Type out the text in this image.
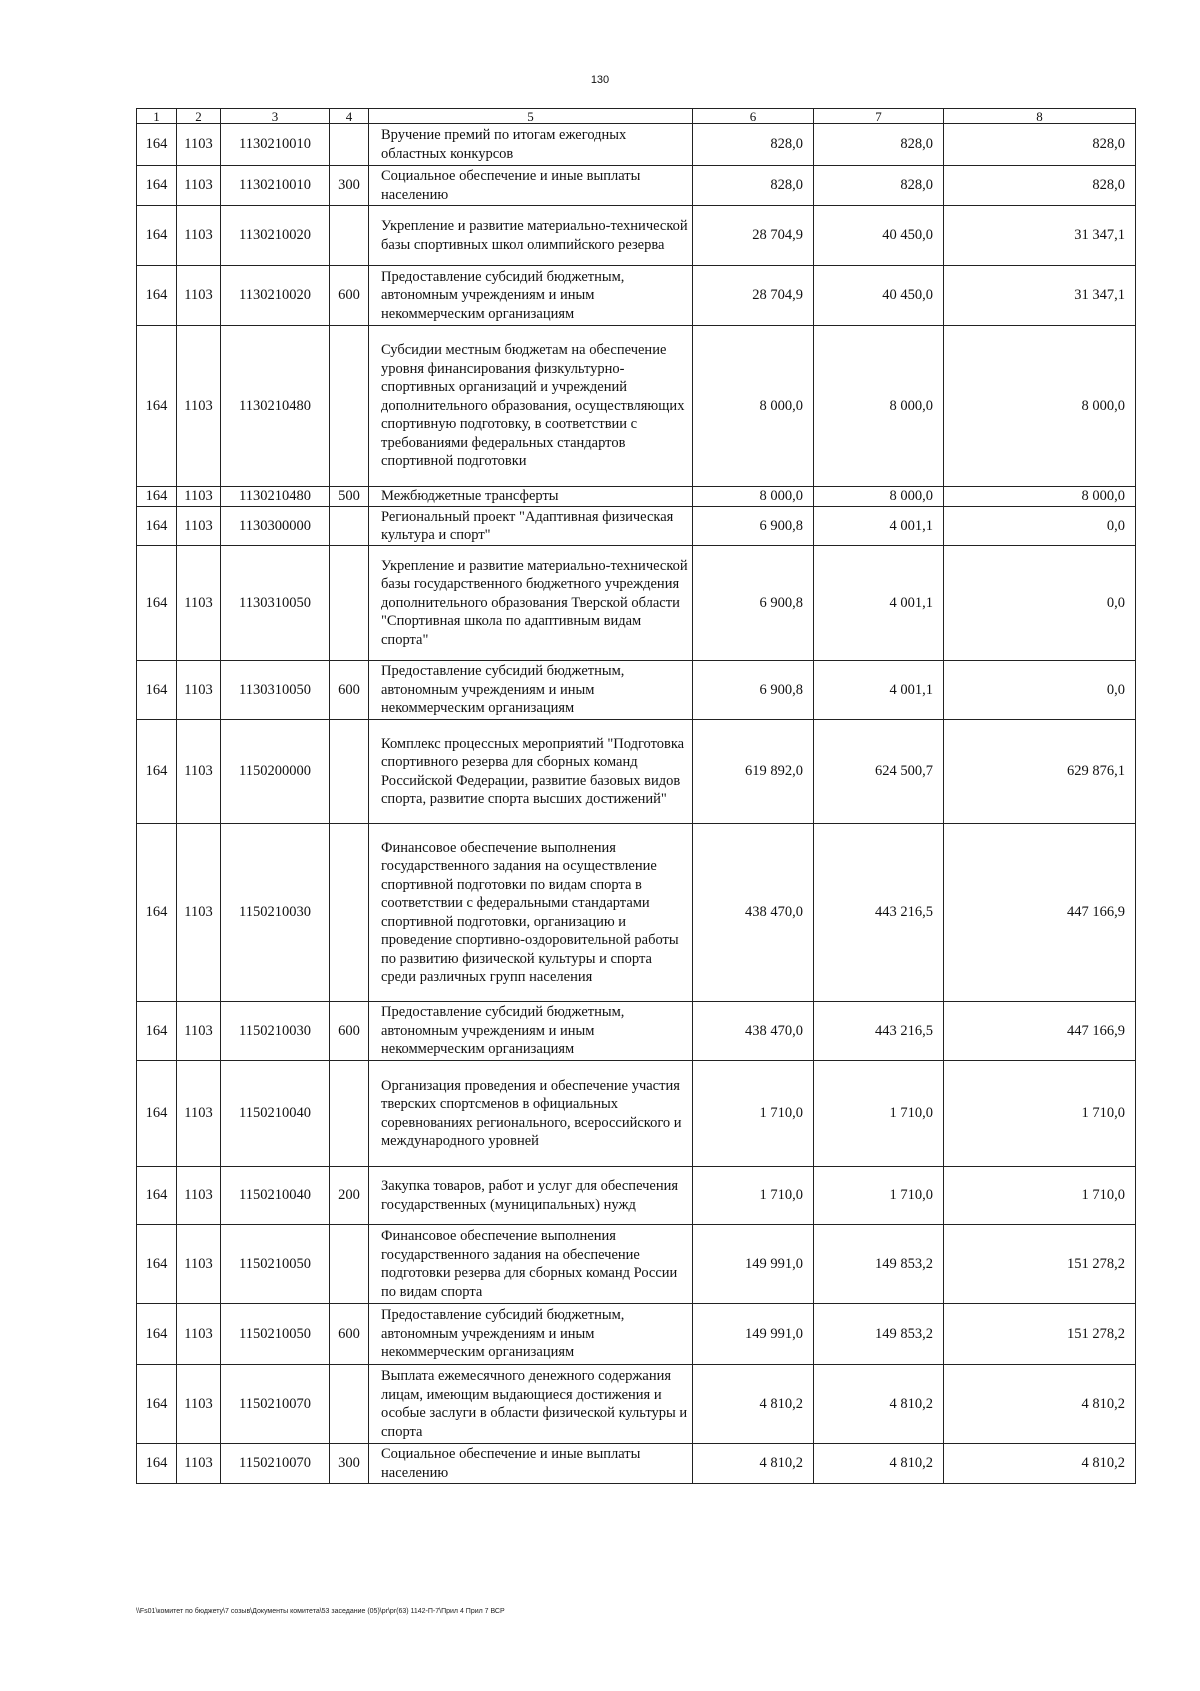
130
1	2	3	4	5	6	7	8
164	1103	1130210010		Вручение премий по итогам ежегодных областных конкурсов	828,0	828,0	828,0
164	1103	1130210010	300	Социальное обеспечение и иные выплаты населению	828,0	828,0	828,0
164	1103	1130210020		Укрепление и развитие материально-технической базы спортивных школ олимпийского резерва	28 704,9	40 450,0	31 347,1
164	1103	1130210020	600	Предоставление субсидий бюджетным, автономным учреждениям и иным некоммерческим организациям	28 704,9	40 450,0	31 347,1
164	1103	1130210480		Субсидии местным бюджетам на обеспечение уровня финансирования физкультурно-спортивных организаций и учреждений дополнительного образования, осуществляющих спортивную подготовку, в соответствии с требованиями федеральных стандартов спортивной подготовки	8 000,0	8 000,0	8 000,0
164	1103	1130210480	500	Межбюджетные трансферты	8 000,0	8 000,0	8 000,0
164	1103	1130300000		Региональный проект "Адаптивная физическая культура и спорт"	6 900,8	4 001,1	0,0
164	1103	1130310050		Укрепление и развитие материально-технической базы государственного бюджетного учреждения дополнительного образования Тверской области "Спортивная школа по адаптивным видам спорта"	6 900,8	4 001,1	0,0
164	1103	1130310050	600	Предоставление субсидий бюджетным, автономным учреждениям и иным некоммерческим организациям	6 900,8	4 001,1	0,0
164	1103	1150200000		Комплекс процессных мероприятий "Подготовка спортивного резерва для сборных команд Российской Федерации, развитие базовых видов спорта, развитие спорта высших достижений"	619 892,0	624 500,7	629 876,1
164	1103	1150210030		Финансовое обеспечение выполнения государственного задания на осуществление спортивной подготовки по видам спорта в соответствии с федеральными стандартами спортивной подготовки, организацию и проведение спортивно-оздоровительной работы по развитию физической культуры и спорта среди различных групп населения	438 470,0	443 216,5	447 166,9
164	1103	1150210030	600	Предоставление субсидий бюджетным, автономным учреждениям и иным некоммерческим организациям	438 470,0	443 216,5	447 166,9
164	1103	1150210040		Организация проведения и обеспечение участия тверских спортсменов в официальных соревнованиях регионального, всероссийского и международного уровней	1 710,0	1 710,0	1 710,0
164	1103	1150210040	200	Закупка товаров, работ и услуг для обеспечения государственных (муниципальных) нужд	1 710,0	1 710,0	1 710,0
164	1103	1150210050		Финансовое обеспечение выполнения государственного задания на обеспечение подготовки резерва для сборных команд России по видам спорта	149 991,0	149 853,2	151 278,2
164	1103	1150210050	600	Предоставление субсидий бюджетным, автономным учреждениям и иным некоммерческим организациям	149 991,0	149 853,2	151 278,2
164	1103	1150210070		Выплата ежемесячного денежного содержания лицам, имеющим выдающиеся достижения и особые заслуги в области физической культуры и спорта	4 810,2	4 810,2	4 810,2
164	1103	1150210070	300	Социальное обеспечение и иные выплаты населению	4 810,2	4 810,2	4 810,2
\\Fs01\комитет по бюджету\7 созыв\Документы комитета\53 заседание (05)\pr\pr(63) 1142-П-7\Прил 4 Прил 7 ВСР
